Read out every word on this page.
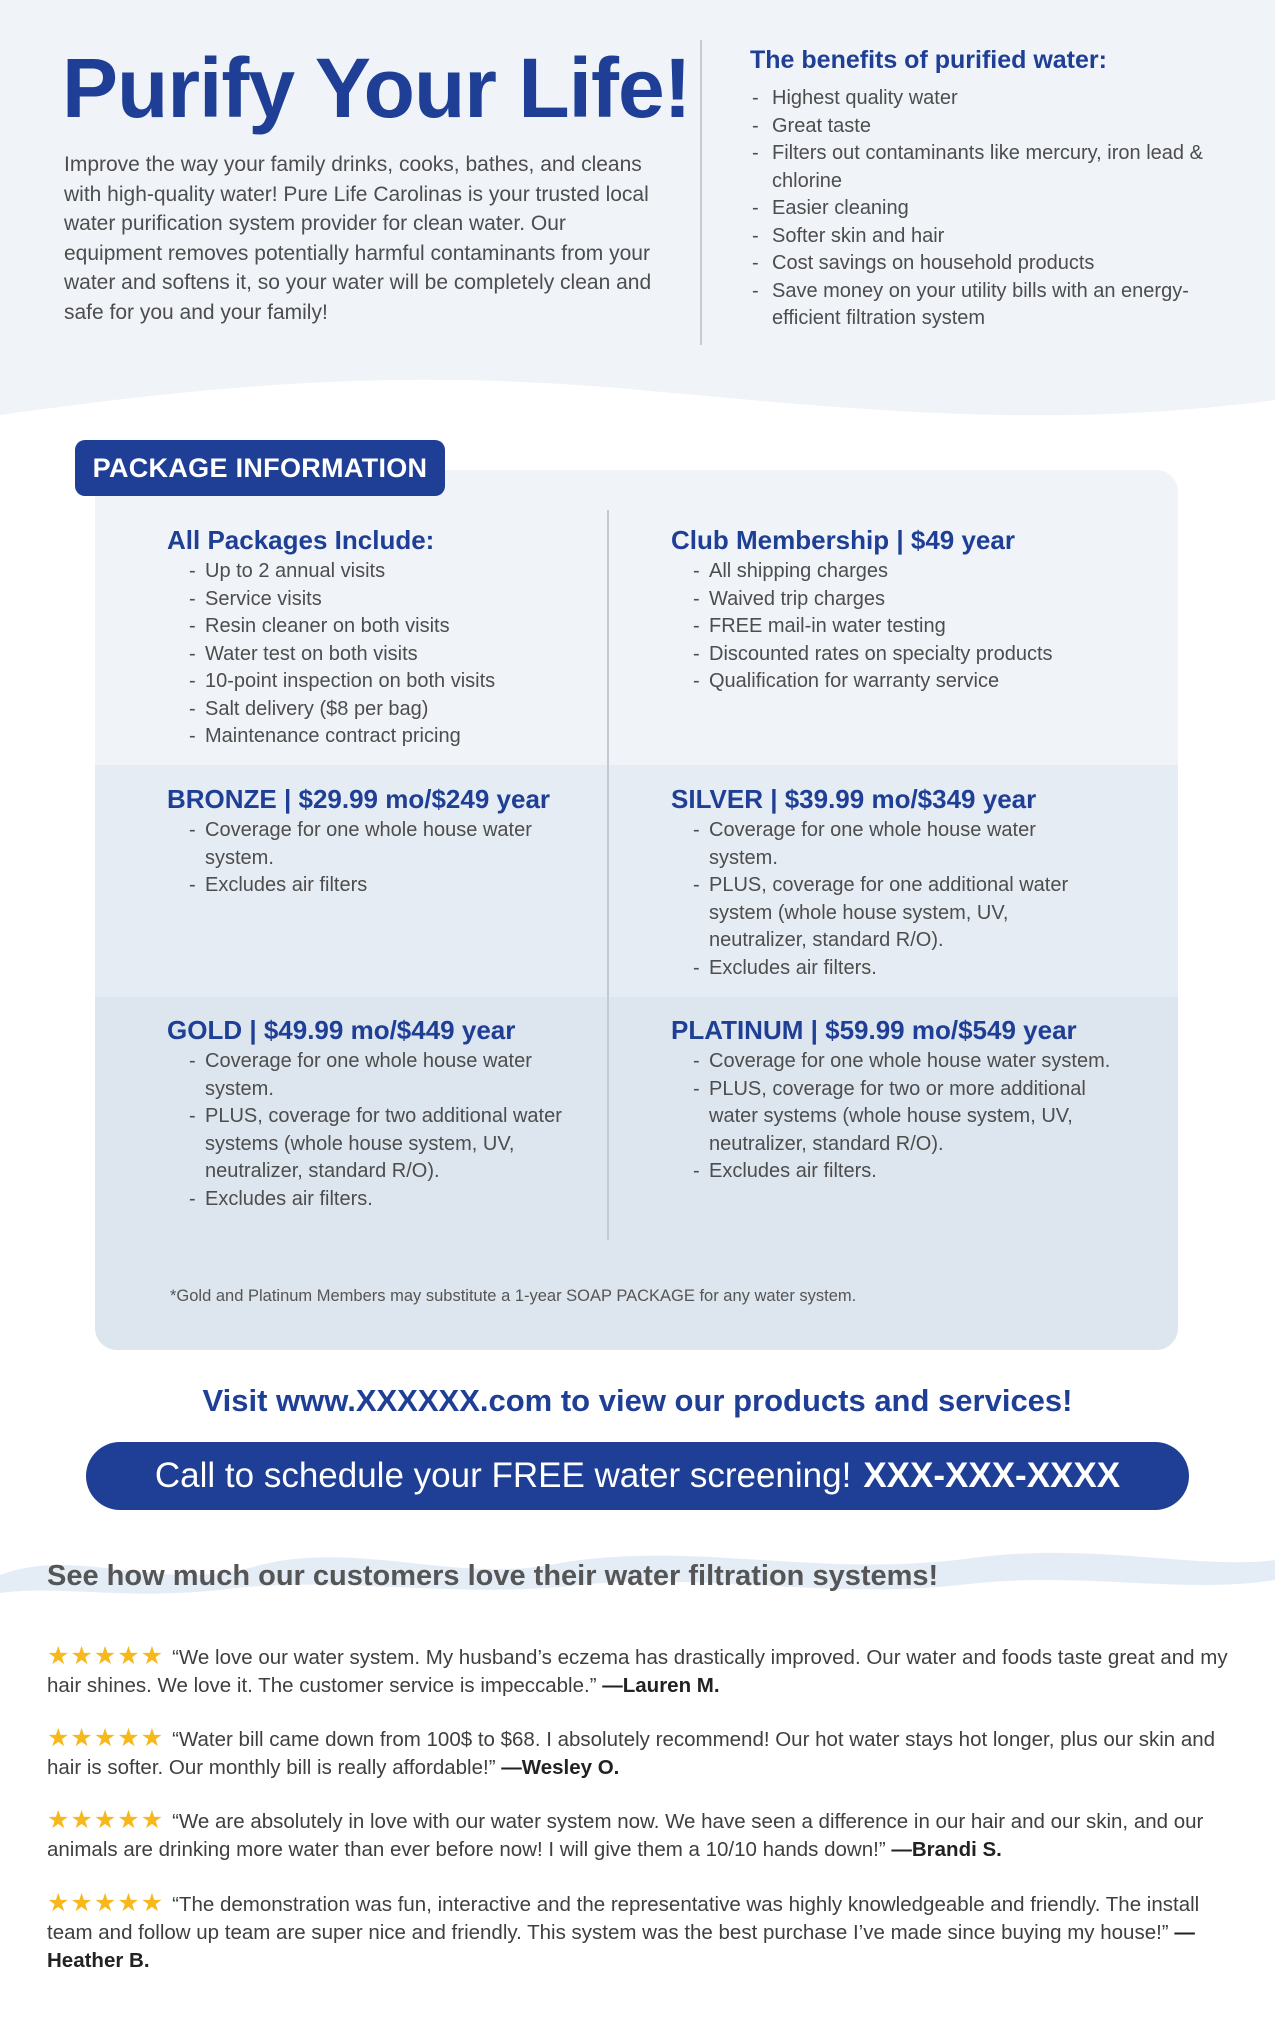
Purify Your Life!

Improve the way your family drinks, cooks, bathes, and cleans with high-quality water! Pure Life Carolinas is your trusted local water purification system provider for clean water. Our equipment removes potentially harmful contaminants from your water and softens it, so your water will be completely clean and safe for you and your family!

The benefits of purified water:
- Highest quality water
- Great taste
- Filters out contaminants like mercury, iron lead & chlorine
- Easier cleaning
- Softer skin and hair
- Cost savings on household products
- Save money on your utility bills with an energy-efficient filtration system
All Packages Include:
- Up to 2 annual visits
- Service visits
- Resin cleaner on both visits
- Water test on both visits
- 10-point inspection on both visits
- Salt delivery ($8 per bag)
- Maintenance contract pricing
Club Membership | $49 year
- All shipping charges
- Waived trip charges
- FREE mail-in water testing
- Discounted rates on specialty products
- Qualification for warranty service
BRONZE | $29.99 mo/$249 year
- Coverage for one whole house water system.
- Excludes air filters
SILVER | $39.99 mo/$349 year
- Coverage for one whole house water system.
- PLUS, coverage for one additional water system (whole house system, UV, neutralizer, standard R/O).
- Excludes air filters.
GOLD | $49.99 mo/$449 year
- Coverage for one whole house water system.
- PLUS, coverage for two additional water systems (whole house system, UV, neutralizer, standard R/O).
- Excludes air filters.
PLATINUM | $59.99 mo/$549 year
- Coverage for one whole house water system.
- PLUS, coverage for two or more additional water systems (whole house system, UV, neutralizer, standard R/O).
- Excludes air filters.
*Gold and Platinum Members may substitute a 1-year SOAP PACKAGE for any water system.
PACKAGE INFORMATION
Visit www.XXXXXX.com to view our products and services!
Call to schedule your FREE water screening! XXX-XXX-XXXX
See how much our customers love their water filtration systems!
★★★★★ “We love our water system. My husband’s eczema has drastically improved. Our water and foods taste great and my hair shines. We love it. The customer service is impeccable.” —Lauren M.
★★★★★ “Water bill came down from 100$ to $68. I absolutely recommend! Our hot water stays hot longer, plus our skin and hair is softer. Our monthly bill is really affordable!” —Wesley O.
★★★★★ “We are absolutely in love with our water system now. We have seen a difference in our hair and our skin, and our animals are drinking more water than ever before now! I will give them a 10/10 hands down!” —Brandi S.
★★★★★ “The demonstration was fun, interactive and the representative was highly knowledgeable and friendly. The install team and follow up team are super nice and friendly. This system was the best purchase I’ve made since buying my house!” —Heather B.
